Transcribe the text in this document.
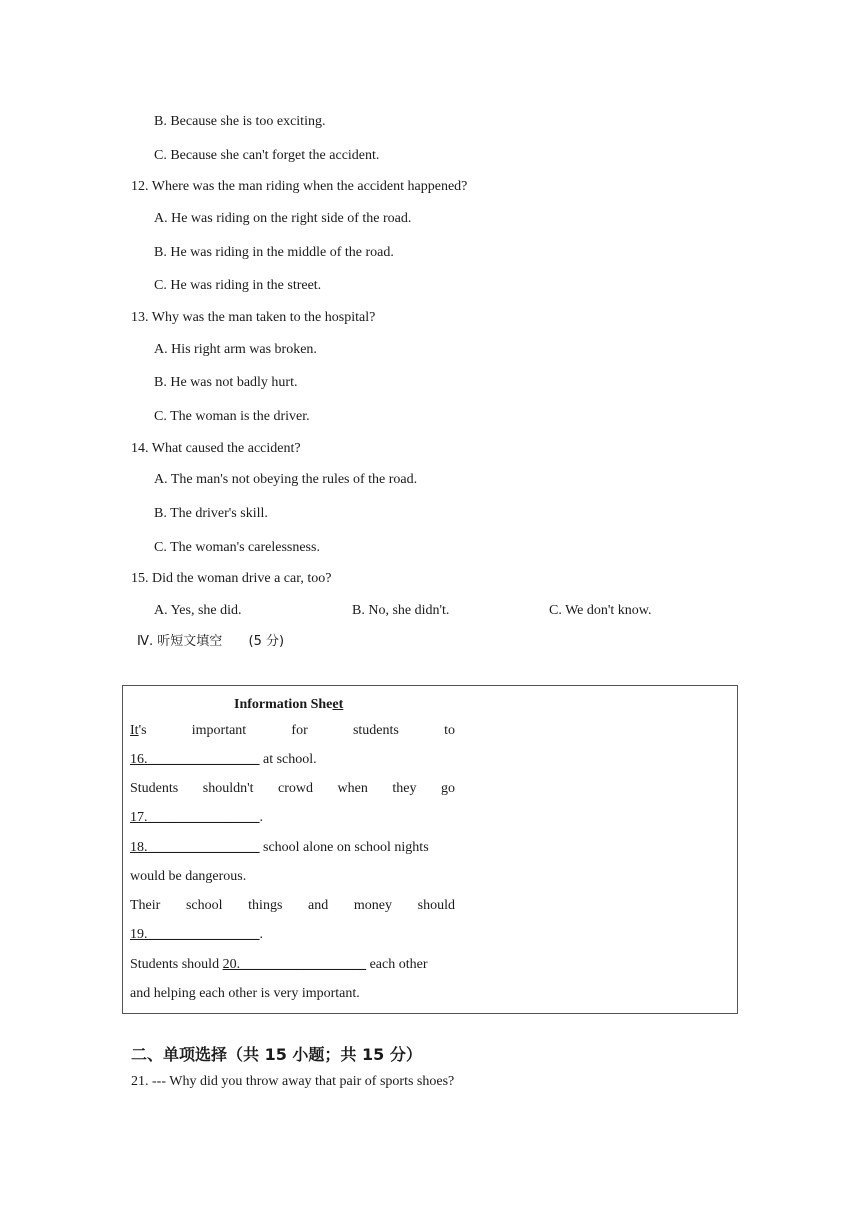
B. Because she is too exciting.
C. Because she can't forget the accident.
12. Where was the man riding when the accident happened?
A. He was riding on the right side of the road.
B. He was riding in the middle of the road.
C. He was riding in the street.
13. Why was the man taken to the hospital?
A. His right arm was broken.
B. He was not badly hurt.
C. The woman is the driver.
14. What caused the accident?
A. The man's not obeying the rules of the road.
B. The driver's skill.
C. The woman's carelessness.
15. Did the woman drive a car, too?
A. Yes, she did.	B. No, she didn't.	C. We don't know.
Ⅳ. 听短文填空 (5 分)
Information Sheet
It's	important	for	students	to
16.________________ at school.
Students shouldn't crowd when they go
17.________________.
18.________________ school alone on school nights
would be dangerous.
Their school things and money should
19.________________.
Students should 20.__________________ each other
and helping each other is very important.
二、单项选择（共 15 小题；共 15 分）
21. --- Why did you throw away that pair of sports shoes?
